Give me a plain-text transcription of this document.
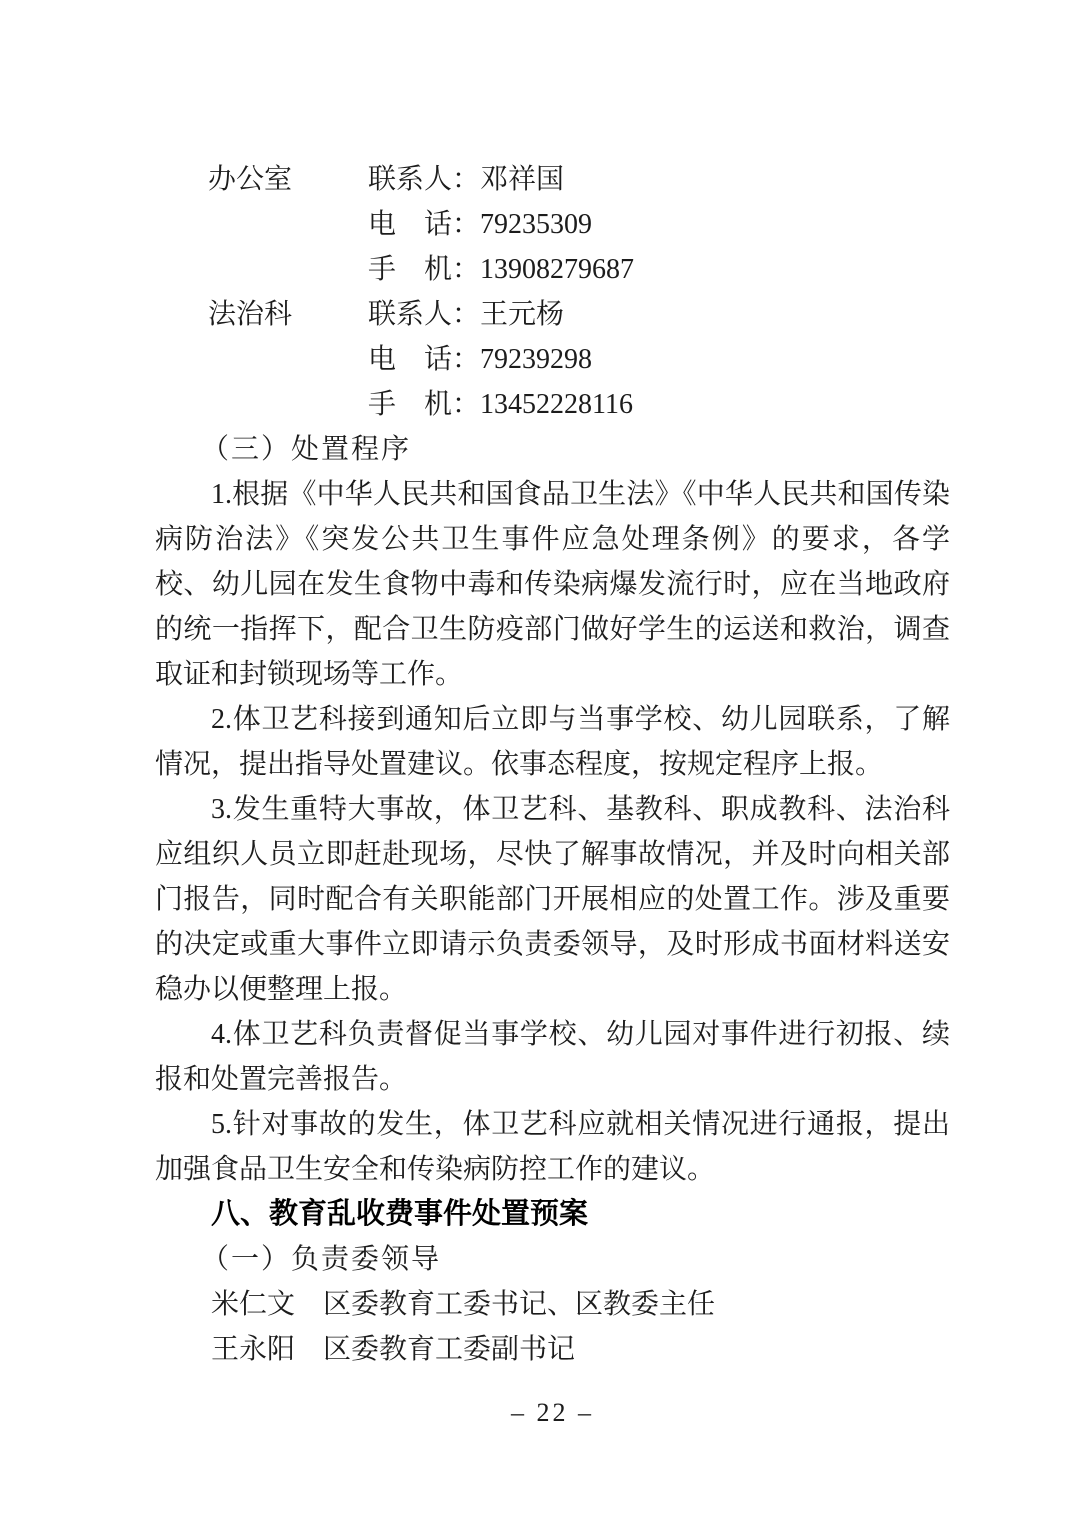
办公室	联系人： 邓祥国
电　话： 79235309
手　机： 13908279687
法治科	联系人： 王元杨
电　话： 79239298
手　机： 13452228116

（三）处置程序

1.根据《中华人民共和国食品卫生法》《中华人民共和国传染病防治法》《突发公共卫生事件应急处理条例》的要求，各学校、幼儿园在发生食物中毒和传染病爆发流行时，应在当地政府的统一指挥下，配合卫生防疫部门做好学生的运送和救治，调查取证和封锁现场等工作。

2.体卫艺科接到通知后立即与当事学校、幼儿园联系，了解情况，提出指导处置建议。依事态程度，按规定程序上报。

3.发生重特大事故，体卫艺科、基教科、职成教科、法治科应组织人员立即赶赴现场，尽快了解事故情况，并及时向相关部门报告，同时配合有关职能部门开展相应的处置工作。涉及重要的决定或重大事件立即请示负责委领导，及时形成书面材料送安稳办以便整理上报。

4.体卫艺科负责督促当事学校、幼儿园对事件进行初报、续报和处置完善报告。

5.针对事故的发生，体卫艺科应就相关情况进行通报，提出加强食品卫生安全和传染病防控工作的建议。

八、教育乱收费事件处置预案

（一）负责委领导

米仁文 区委教育工委书记、区教委主任

王永阳 区委教育工委副书记

– 22 –
